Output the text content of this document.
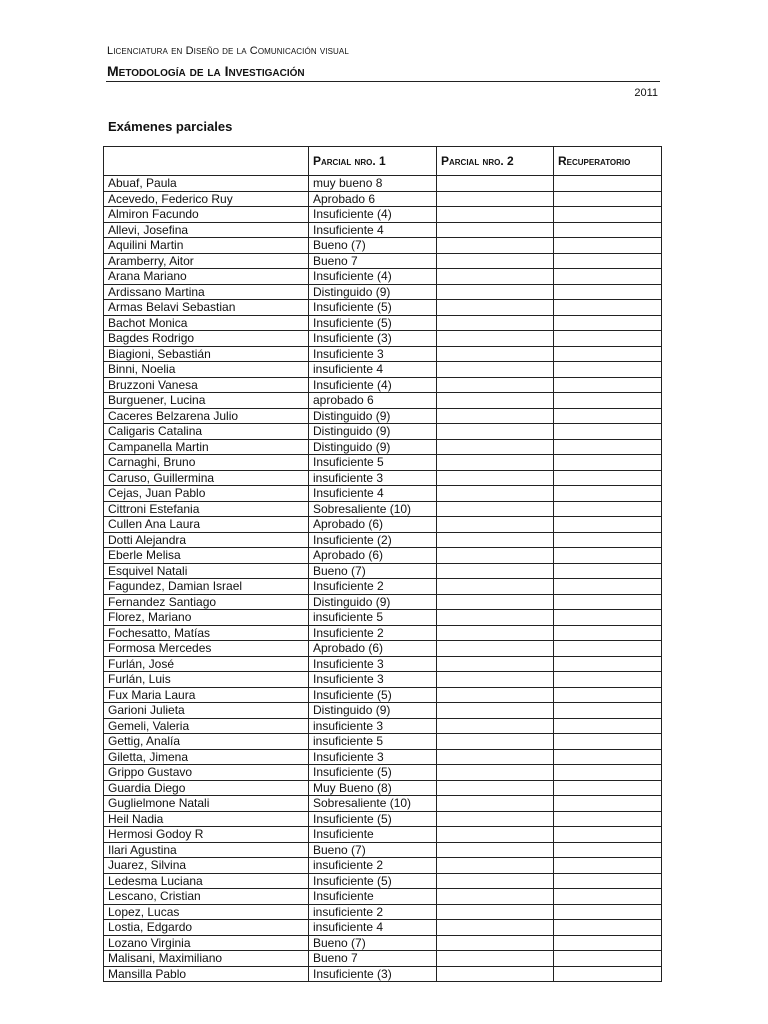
Licenciatura en Diseño de la Comunicación visual
Metodología de la Investigación
2011
Exámenes parciales
	Parcial nro. 1	Parcial nro. 2	Recuperatorio
Abuaf, Paula	muy bueno 8		
Acevedo, Federico Ruy	Aprobado 6		
Almiron Facundo	Insuficiente (4)		
Allevi, Josefina	Insuficiente 4		
Aquilini Martin	Bueno (7)		
Aramberry, Aitor	Bueno 7		
Arana Mariano	Insuficiente (4)		
Ardissano Martina	Distinguido (9)		
Armas Belavi Sebastian	Insuficiente (5)		
Bachot Monica	Insuficiente (5)		
Bagdes Rodrigo	Insuficiente (3)		
Biagioni, Sebastián	Insuficiente 3		
Binni, Noelia	insuficiente 4		
Bruzzoni Vanesa	Insuficiente (4)		
Burguener, Lucina	aprobado 6		
Caceres Belzarena Julio	Distinguido (9)		
Caligaris Catalina	Distinguido (9)		
Campanella Martin	Distinguido (9)		
Carnaghi, Bruno	Insuficiente 5		
Caruso, Guillermina	insuficiente 3		
Cejas, Juan Pablo	Insuficiente 4		
Cittroni Estefania	Sobresaliente (10)		
Cullen Ana Laura	Aprobado (6)		
Dotti Alejandra	Insuficiente (2)		
Eberle Melisa	Aprobado (6)		
Esquivel Natali	Bueno (7)		
Fagundez, Damian Israel	Insuficiente 2		
Fernandez Santiago	Distinguido (9)		
Florez, Mariano	insuficiente 5		
Fochesatto, Matías	Insuficiente 2		
Formosa Mercedes	Aprobado (6)		
Furlán, José	Insuficiente 3		
Furlán, Luis	Insuficiente 3		
Fux Maria Laura	Insuficiente (5)		
Garioni Julieta	Distinguido (9)		
Gemeli, Valeria	insuficiente 3		
Gettig, Analía	insuficiente 5		
Giletta, Jimena	Insuficiente 3		
Grippo Gustavo	Insuficiente (5)		
Guardia Diego	Muy Bueno (8)		
Guglielmone Natali	Sobresaliente (10)		
Heil Nadia	Insuficiente (5)		
Hermosi Godoy R	Insuficiente		
Ilari Agustina	Bueno (7)		
Juarez, Silvina	insuficiente 2		
Ledesma Luciana	Insuficiente (5)		
Lescano, Cristian	Insuficiente		
Lopez, Lucas	insuficiente 2		
Lostia, Edgardo	insuficiente 4		
Lozano Virginia	Bueno (7)		
Malisani, Maximiliano	Bueno 7		
Mansilla Pablo	Insuficiente (3)		
